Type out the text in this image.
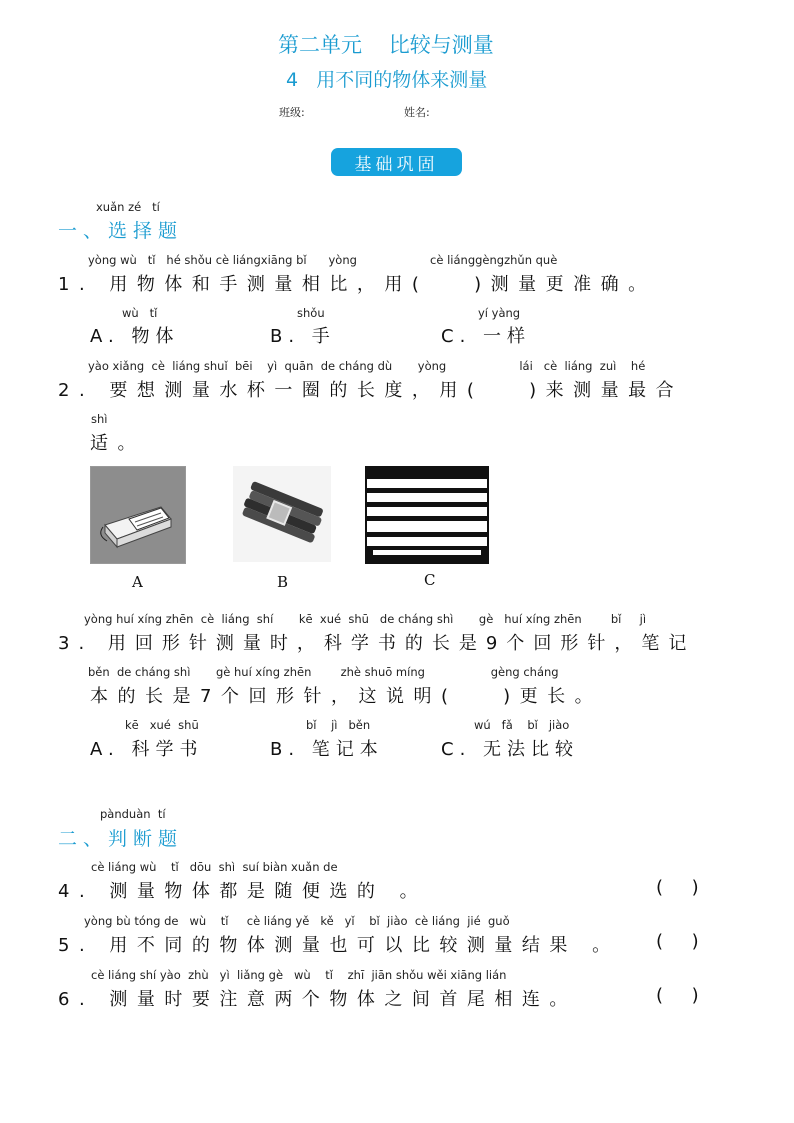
第二单元    比较与测量
4   用不同的物体来测量
班级:	姓名:
基础巩固
xuǎn zé   tí
一、选择题
yòng wù   tǐ   hé shǒu cè liángxiāng bǐ      yòng                    cè liánggèngzhǔn què
1. 用物体和手测量相比，用(   )测量更准确。
wù   tǐ	shǒu	yí yàng
A. 物体	B. 手	C. 一样
yào xiǎng  cè  liáng shuǐ  bēi    yì  quān  de cháng dù       yòng                    lái   cè  liáng  zuì    hé
2. 要想测量水杯一圈的长度，用(   )来测量最合
shì
适。
A	B	C
yòng huí xíng zhēn  cè  liáng  shí       kē  xué  shū   de cháng shì       gè   huí xíng zhēn        bǐ     jì
3. 用回形针测量时，科学书的长是9个回形针，笔记
běn  de cháng shì       gè huí xíng zhēn        zhè shuō míng                  gèng cháng
本的长是7个回形针，这说明(   )更长。
kē   xué  shū	bǐ    jì   běn	wú   fǎ    bǐ   jiào
A. 科学书	B. 笔记本	C. 无法比较
pànduàn  tí
二、判断题
cè liáng wù    tǐ   dōu  shì  suí biàn xuǎn de
4. 测量物体都是随便选的 。	(     )
yòng bù tóng de   wù    tǐ     cè liáng yě   kě   yǐ    bǐ  jiào  cè liáng  jié  guǒ
5. 用不同的物体测量也可以比较测量结果 。 (     )
cè liáng shí yào  zhù   yì  liǎng gè   wù    tǐ    zhī  jiān shǒu wěi xiāng lián
6. 测量时要注意两个物体之间首尾相连。	(     )
